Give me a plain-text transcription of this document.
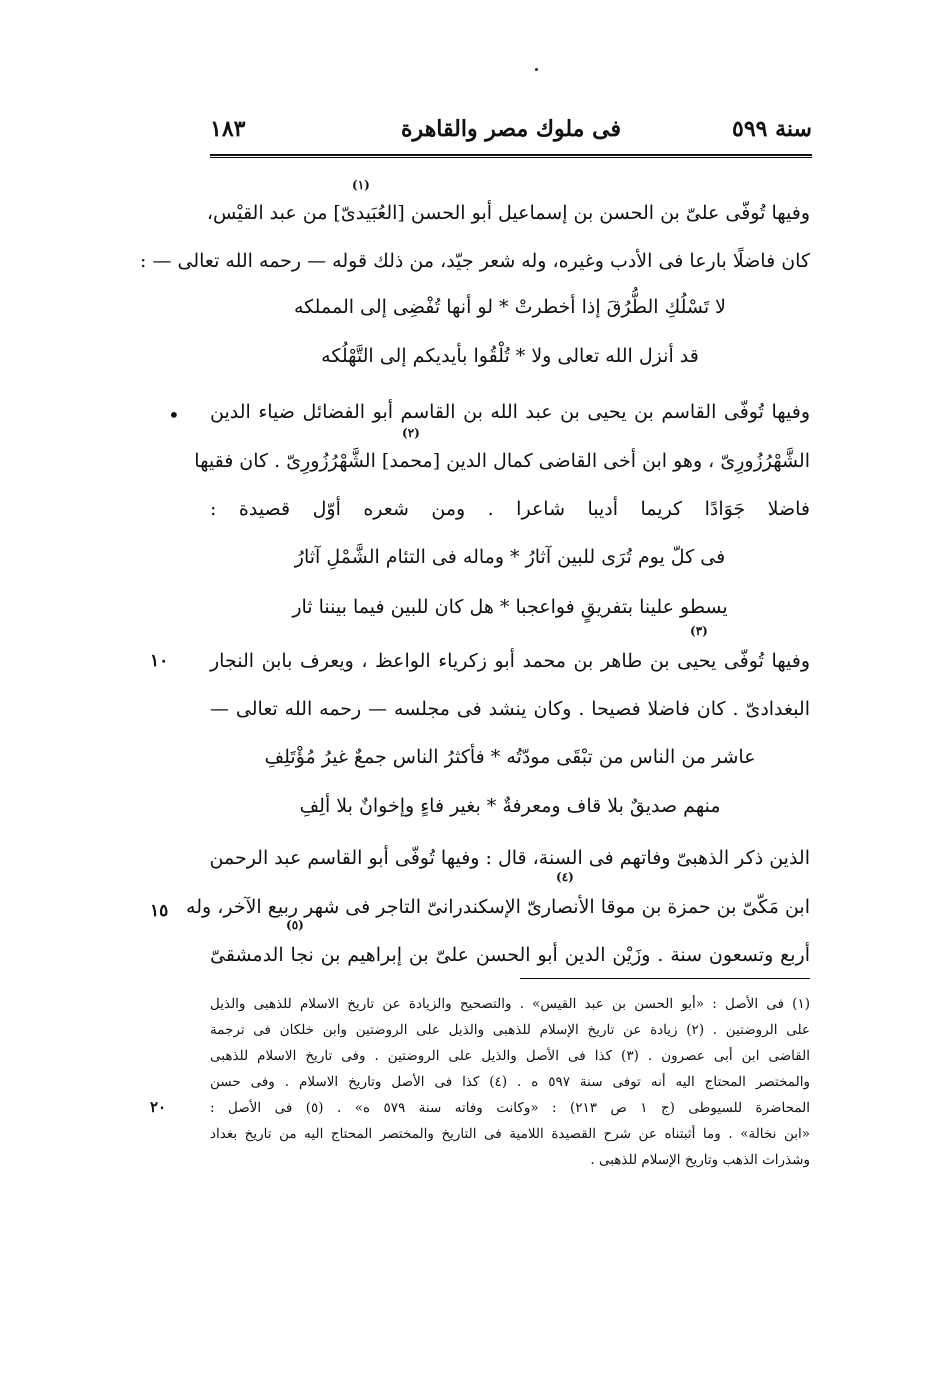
سنة ٥٩٩
فى ملوك مصر والقاهرة
١٨٣
وفيها تُوفّى علىّ بن الحسن بن إسماعيل أبو الحسن [العُبَيدىّ] من عبد القيْس،
(١)
كان فاضلًا بارعا فى الأدب وغيره، وله شعر جيّد، من ذلك قوله — رحمه الله تعالى — :
لا تَسْلُكِ الطُّرُقَ إذا أخطرتْ * لو أنها تُفْضِى إلى المملكه
قد أنزل الله تعالى ولا * تُلْقُوا بأيديكم إلى التَّهْلُكه
• وفيها تُوفّى القاسم بن يحيى بن عبد الله بن القاسم أبو الفضائل ضياء الدين
(٢)
الشَّهْرُزُورِىّ ، وهو ابن أخى القاضى كمال الدين [محمد] الشَّهْرُزُورِىّ . كان فقيها
فاضلا جَوَادًا كريما أديبا شاعرا . ومن شعره أوّل قصيدة :
فى كلّ يوم تُرَى للبين آثارُ * وماله فى التئام الشَّمْلِ آثارُ
يسطو علينا بتفريقٍ فواعجبا * هل كان للبين فيما بيننا ثار
١٠
(٣)
وفيها تُوفّى يحيى بن طاهر بن محمد أبو زكرياء الواعظ ، ويعرف بابن النجار
البغدادىّ . كان فاضلا فصيحا . وكان ينشد فى مجلسه — رحمه الله تعالى —
عاشر من الناس من تبْقَى مودّتُه * فأكثرُ الناس جمعٌ غيرُ مُؤْتَلِفِ
منهم صديقٌ بلا قاف ومعرفةٌ * بغير فاءٍ وإخوانٌ بلا ألِفِ
الذين ذكر الذهبىّ وفاتهم فى السنة، قال : وفيها تُوفّى أبو القاسم عبد الرحمن
(٤)
١٥ ابن مَكّىّ بن حمزة بن موقا الأنصارىّ الإسكندرانىّ التاجر فى شهر ربيع الآخر، وله
(٥)
أربع وتسعون سنة . وزَيْن الدين أبو الحسن علىّ بن إبراهيم بن نجا الدمشقىّ
(١) فى الأصل : «أبو الحسن بن عبد القيس» . والتصحيح والزيادة عن تاريخ الاسلام للذهبى والذيل
على الروضتين . (٢) زيادة عن تاريخ الإسلام للذهبى والذيل على الروضتين وابن خلكان فى ترجمة
القاضى ابن أبى عصرون . (٣) كذا فى الأصل والذيل على الروضتين . وفى تاريخ الاسلام للذهبى
٢٠
والمختصر المحتاج اليه أنه توفى سنة ٥٩٧ ه . (٤) كذا فى الأصل وتاريخ الاسلام . وفى حسن
المحاضرة للسيوطى (ج ١ ص ٢١٣) : «وكانت وفاته سنة ٥٧٩ ه» . (٥) فى الأصل :
«ابن نخالة» . وما أثبتناه عن شرح القصيدة اللامية فى التاريخ والمختصر المحتاج اليه من تاريخ بغداد
وشذرات الذهب وتاريخ الإسلام للذهبى .
